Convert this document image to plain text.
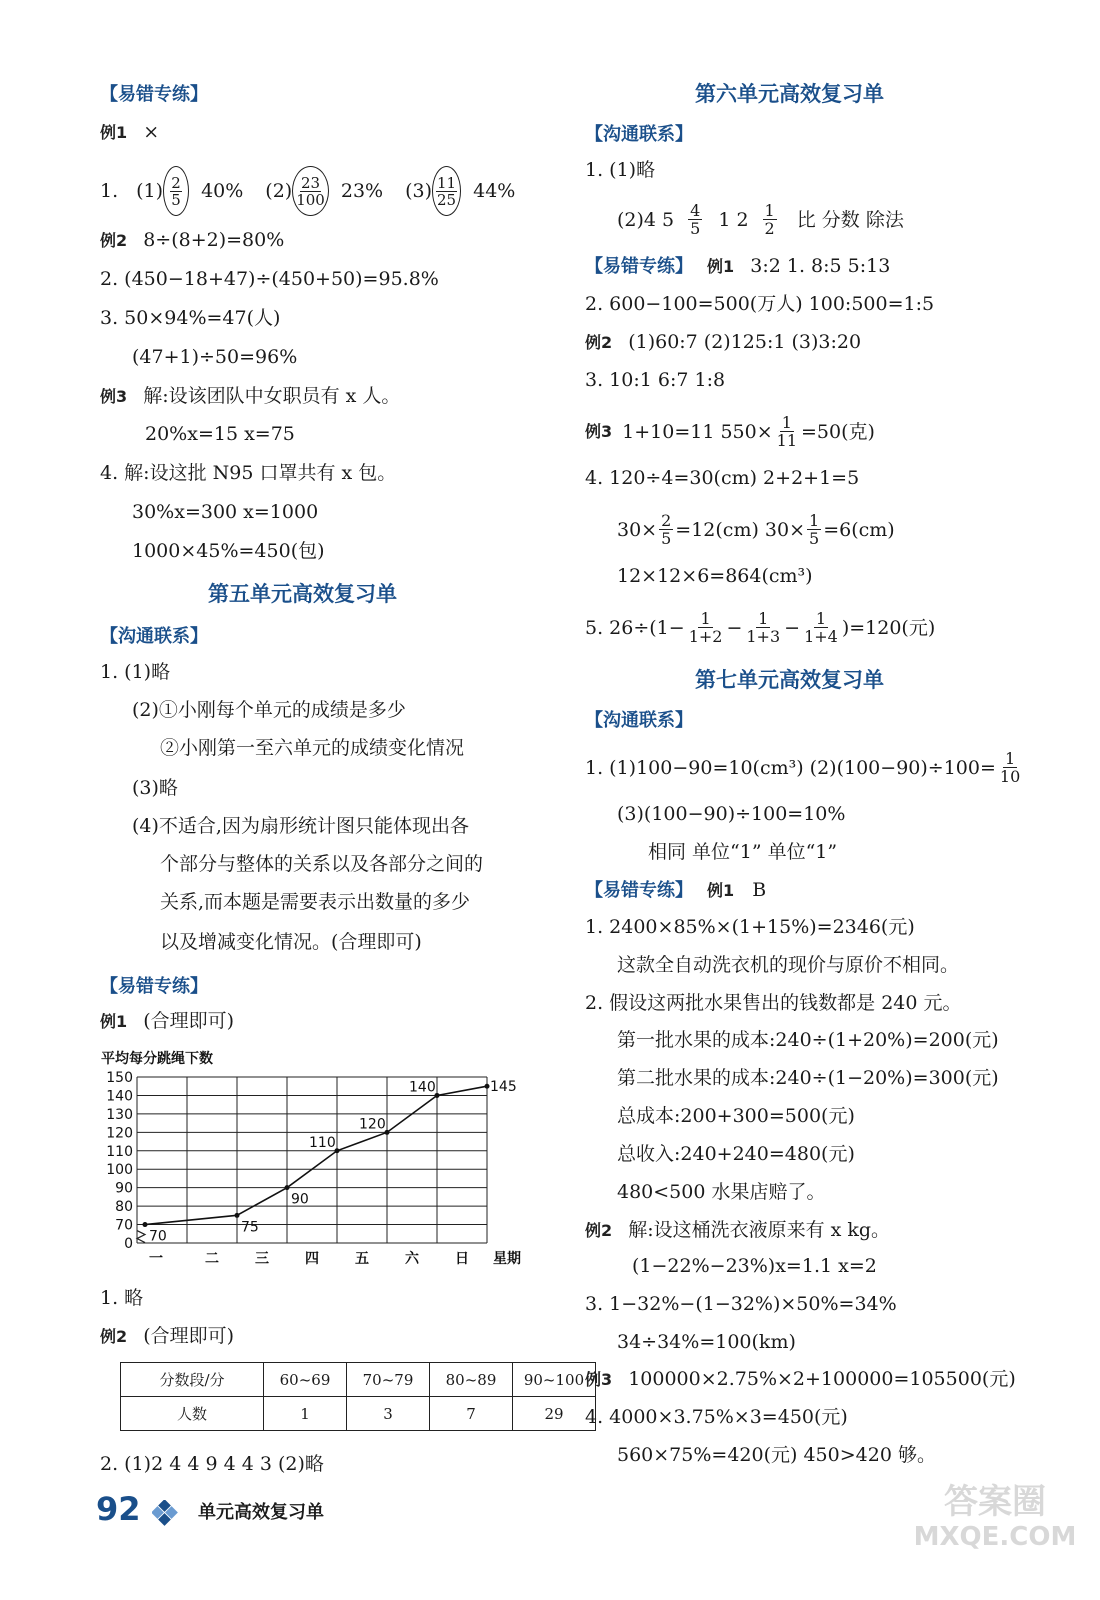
【易错专练】
例1 ×
1. (1) 2
5 40% (2) 23
100 23% (3) 11
25 44%
例2 8÷(8+2)=80%
2. (450−18+47)÷(450+50)=95.8%
3. 50×94%=47(人)
(47+1)÷50=96%
例3 解:设该团队中女职员有 x 人。
20%x=15 x=75
4. 解:设这批 N95 口罩共有 x 包。
30%x=300 x=1000
1000×45%=450(包)
第五单元高效复习单
【沟通联系】
1. (1)略
(2)①小刚每个单元的成绩是多少
②小刚第一至六单元的成绩变化情况
(3)略
(4)不适合,因为扇形统计图只能体现出各
个部分与整体的关系以及各部分之间的
关系,而本题是需要表示出数量的多少
以及增减变化情况。(合理即可)
【易错专练】
例1 (合理即可)
平均每分跳绳下数
0
70
80
90
100
110
120
130
140
150
70
75
90
110
120
140	145
一	二	三	四	五	六	日 星期
1. 略
例2 (合理即可)
分数段/分	60~69	70~79	80~89	90~100
人数	1	3	7	29
2. (1)2 4 4 9 4 4 3 (2)略
第六单元高效复习单
【沟通联系】
1. (1)略
(2)4 $5 \frac{4}{5} 1$ $2 \frac{1}{2}$ 比 分数 除法
【易错专练】 例1 3:2 1. 8:5 5:13
2. 600−100=500(万人) 100:500=1:5
例2 (1)60:7 (2)125:1 (3)3:20
3. 10:1 6:7 1:8
例3 1+10=11 $550\times \frac{1}{11} =50$(克)
4. 120÷4=30(cm) 2+2+1=5
$30\times \frac{2}{5} =12(cm)$ $30\times \frac{1}{5} =6(cm)$
12×12×6=864(cm³)
5. $26\div(1- \frac{1}{1+2} - \frac{1}{1+3} - \frac{1}{1+4} )=120$(元)
第七单元高效复习单
【沟通联系】
1. (1)100−90=10(cm³) $(2)(100-90)\div 100= \frac{1}{10}$
(3)(100−90)÷100=10%
相同 单位“1” 单位“1”
【易错专练】 例1 B
1. 2400×85%×(1+15%)=2346(元)
这款全自动洗衣机的现价与原价不相同。
2. 假设这两批水果售出的钱数都是 240 元。
第一批水果的成本:240÷(1+20%)=200(元)
第二批水果的成本:240÷(1−20%)=300(元)
总成本:200+300=500(元)
总收入:240+240=480(元)
480<500 水果店赔了。
例2 解:设这桶洗衣液原来有 x kg。
(1−22%−23%)x=1.1 x=2
3. 1−32%−(1−32%)×50%=34%
34÷34%=100(km)
例3 100000×2.75%×2+100000=105500(元)
4. 4000×3.75%×3=450(元)
560×75%=420(元) 450>420 够。
92	单元高效复习单	答案圈
MXQE.COM
